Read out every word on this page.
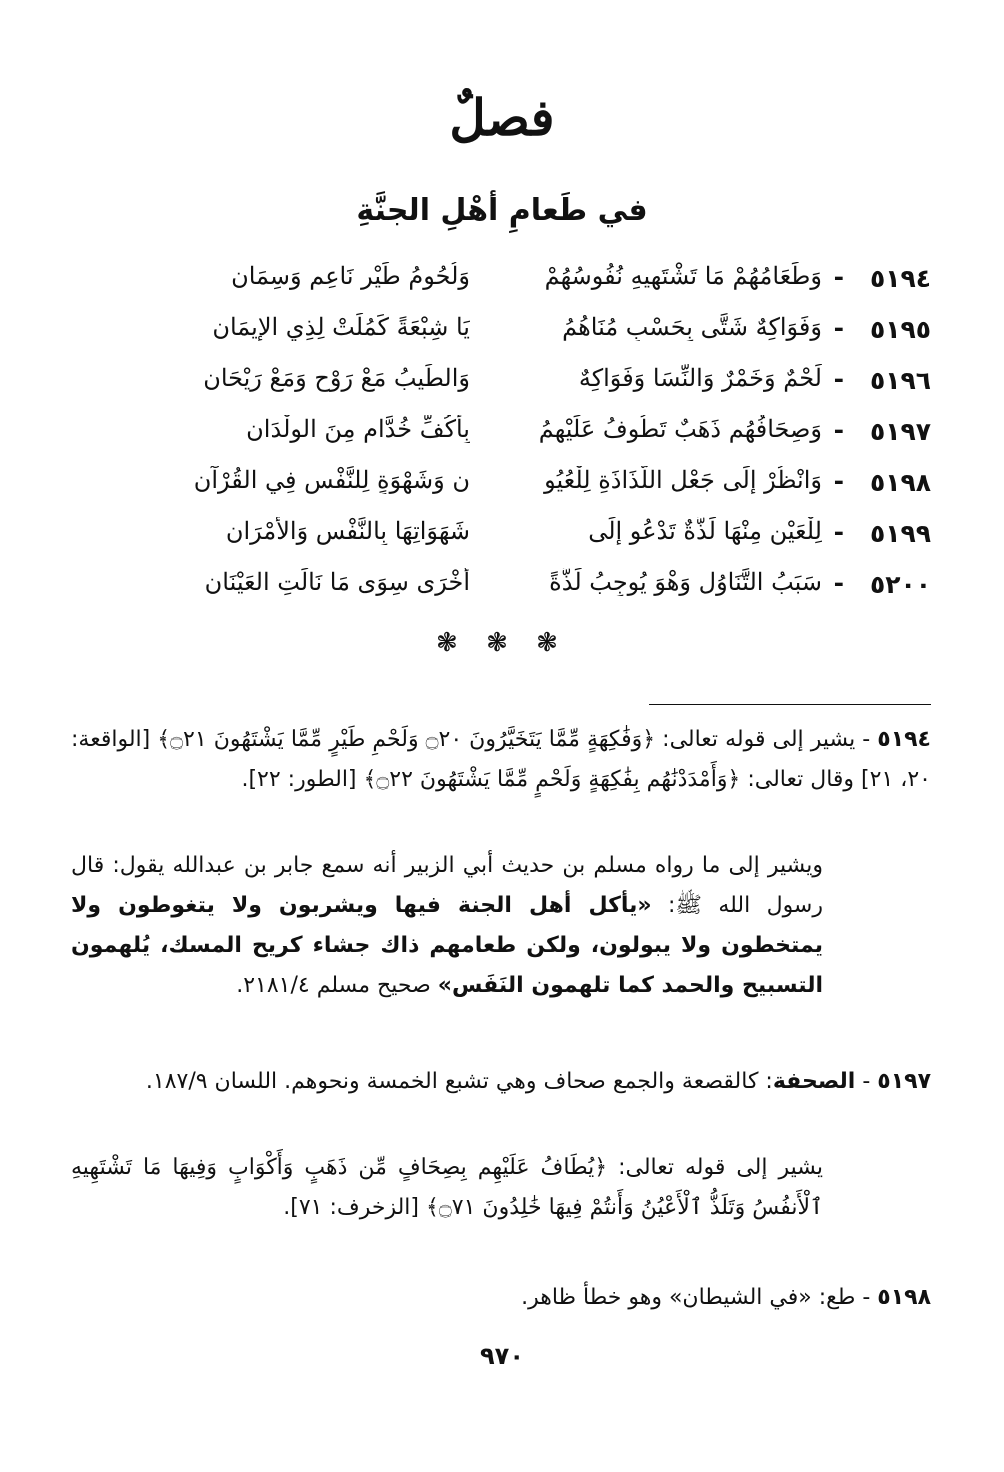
فصلٌ
في طَعامِ أهْلِ الجنَّةِ
٥١٩٤
-
وَطَعَامُهُمْ مَا تَشْتَهِيهِ نُفُوسُهُمْ
وَلُحُومُ طَيْرٍ نَاعِمٍ وَسِمَانِ
٥١٩٥
-
وَفَوَاكِهٌ شَتَّى بِحَسْبِ مُنَاهُمُ
يَا شِبْعَةً كَمُلَتْ لِذِي الإِيمَانِ
٥١٩٦
-
لَحْمٌ وَخَمْرٌ وَالنِّسَا وَفَوَاكِهٌ
وَالطِّيبُ مَعْ رَوْحٍ وَمَعْ رَيْحَانِ
٥١٩٧
-
وَصِحَافُهُم ذَهَبٌ تَطُوفُ عَلَيْهِمُ
بِأَكُفِّ خُدَّامٍ مِنَ الوِلْدَانِ
٥١٩٨
-
وَانْظُرْ إِلَى جَعْلِ اللَّذَاذَةِ لِلْعُيُو
نِ وَشَهْوَةٍ لِلنَّفْسِ فِي القُرْآنِ
٥١٩٩
-
لِلْعَيْنِ مِنْهَا لَذَّةٌ تَدْعُو إِلَى
شَهَوَاتِهَا بِالنَّفْسِ وَالأَمْرَانِ
٥٢٠٠
-
سَبَبُ التَّنَاوُلِ وَهْوَ يُوجِبُ لَذَّةً
أُخْرَى سِوَى مَا نَالَتِ العَيْنَانِ
❃ ❃ ❃
٥١٩٤ - يشير إلى قوله تعالى: ﴿وَفَٰكِهَةٍ مِّمَّا يَتَخَيَّرُونَ ۝٢٠ وَلَحْمِ طَيْرٍ مِّمَّا يَشْتَهُونَ ۝٢١﴾ [الواقعة: ٢٠، ٢١] وقال تعالى: ﴿وَأَمْدَدْنَٰهُم بِفَٰكِهَةٍ وَلَحْمٍ مِّمَّا يَشْتَهُونَ ۝٢٢﴾ [الطور: ٢٢].
ويشير إلى ما رواه مسلم بن حديث أبي الزبير أنه سمع جابر بن عبدالله يقول: قال رسول الله ﷺ: «يأكل أهل الجنة فيها ويشربون ولا يتغوطون ولا يمتخطون ولا يبولون، ولكن طعامهم ذاك جشاء كريح المسك، يُلهمون التسبيح والحمد كما تلهمون النَفَس» صحيح مسلم ٢١٨١/٤.
٥١٩٧ - الصحفة: كالقصعة والجمع صحاف وهي تشبع الخمسة ونحوهم. اللسان ١٨٧/٩.
يشير إلى قوله تعالى: ﴿يُطَافُ عَلَيْهِم بِصِحَافٍ مِّن ذَهَبٍ وَأَكْوَابٍ وَفِيهَا مَا تَشْتَهِيهِ ٱلْأَنفُسُ وَتَلَذُّ ٱلْأَعْيُنُ وَأَنتُمْ فِيهَا خَٰلِدُونَ ۝٧١﴾ [الزخرف: ٧١].
٥١٩٨ - طع: «في الشيطان» وهو خطأ ظاهر.
٩٧٠
